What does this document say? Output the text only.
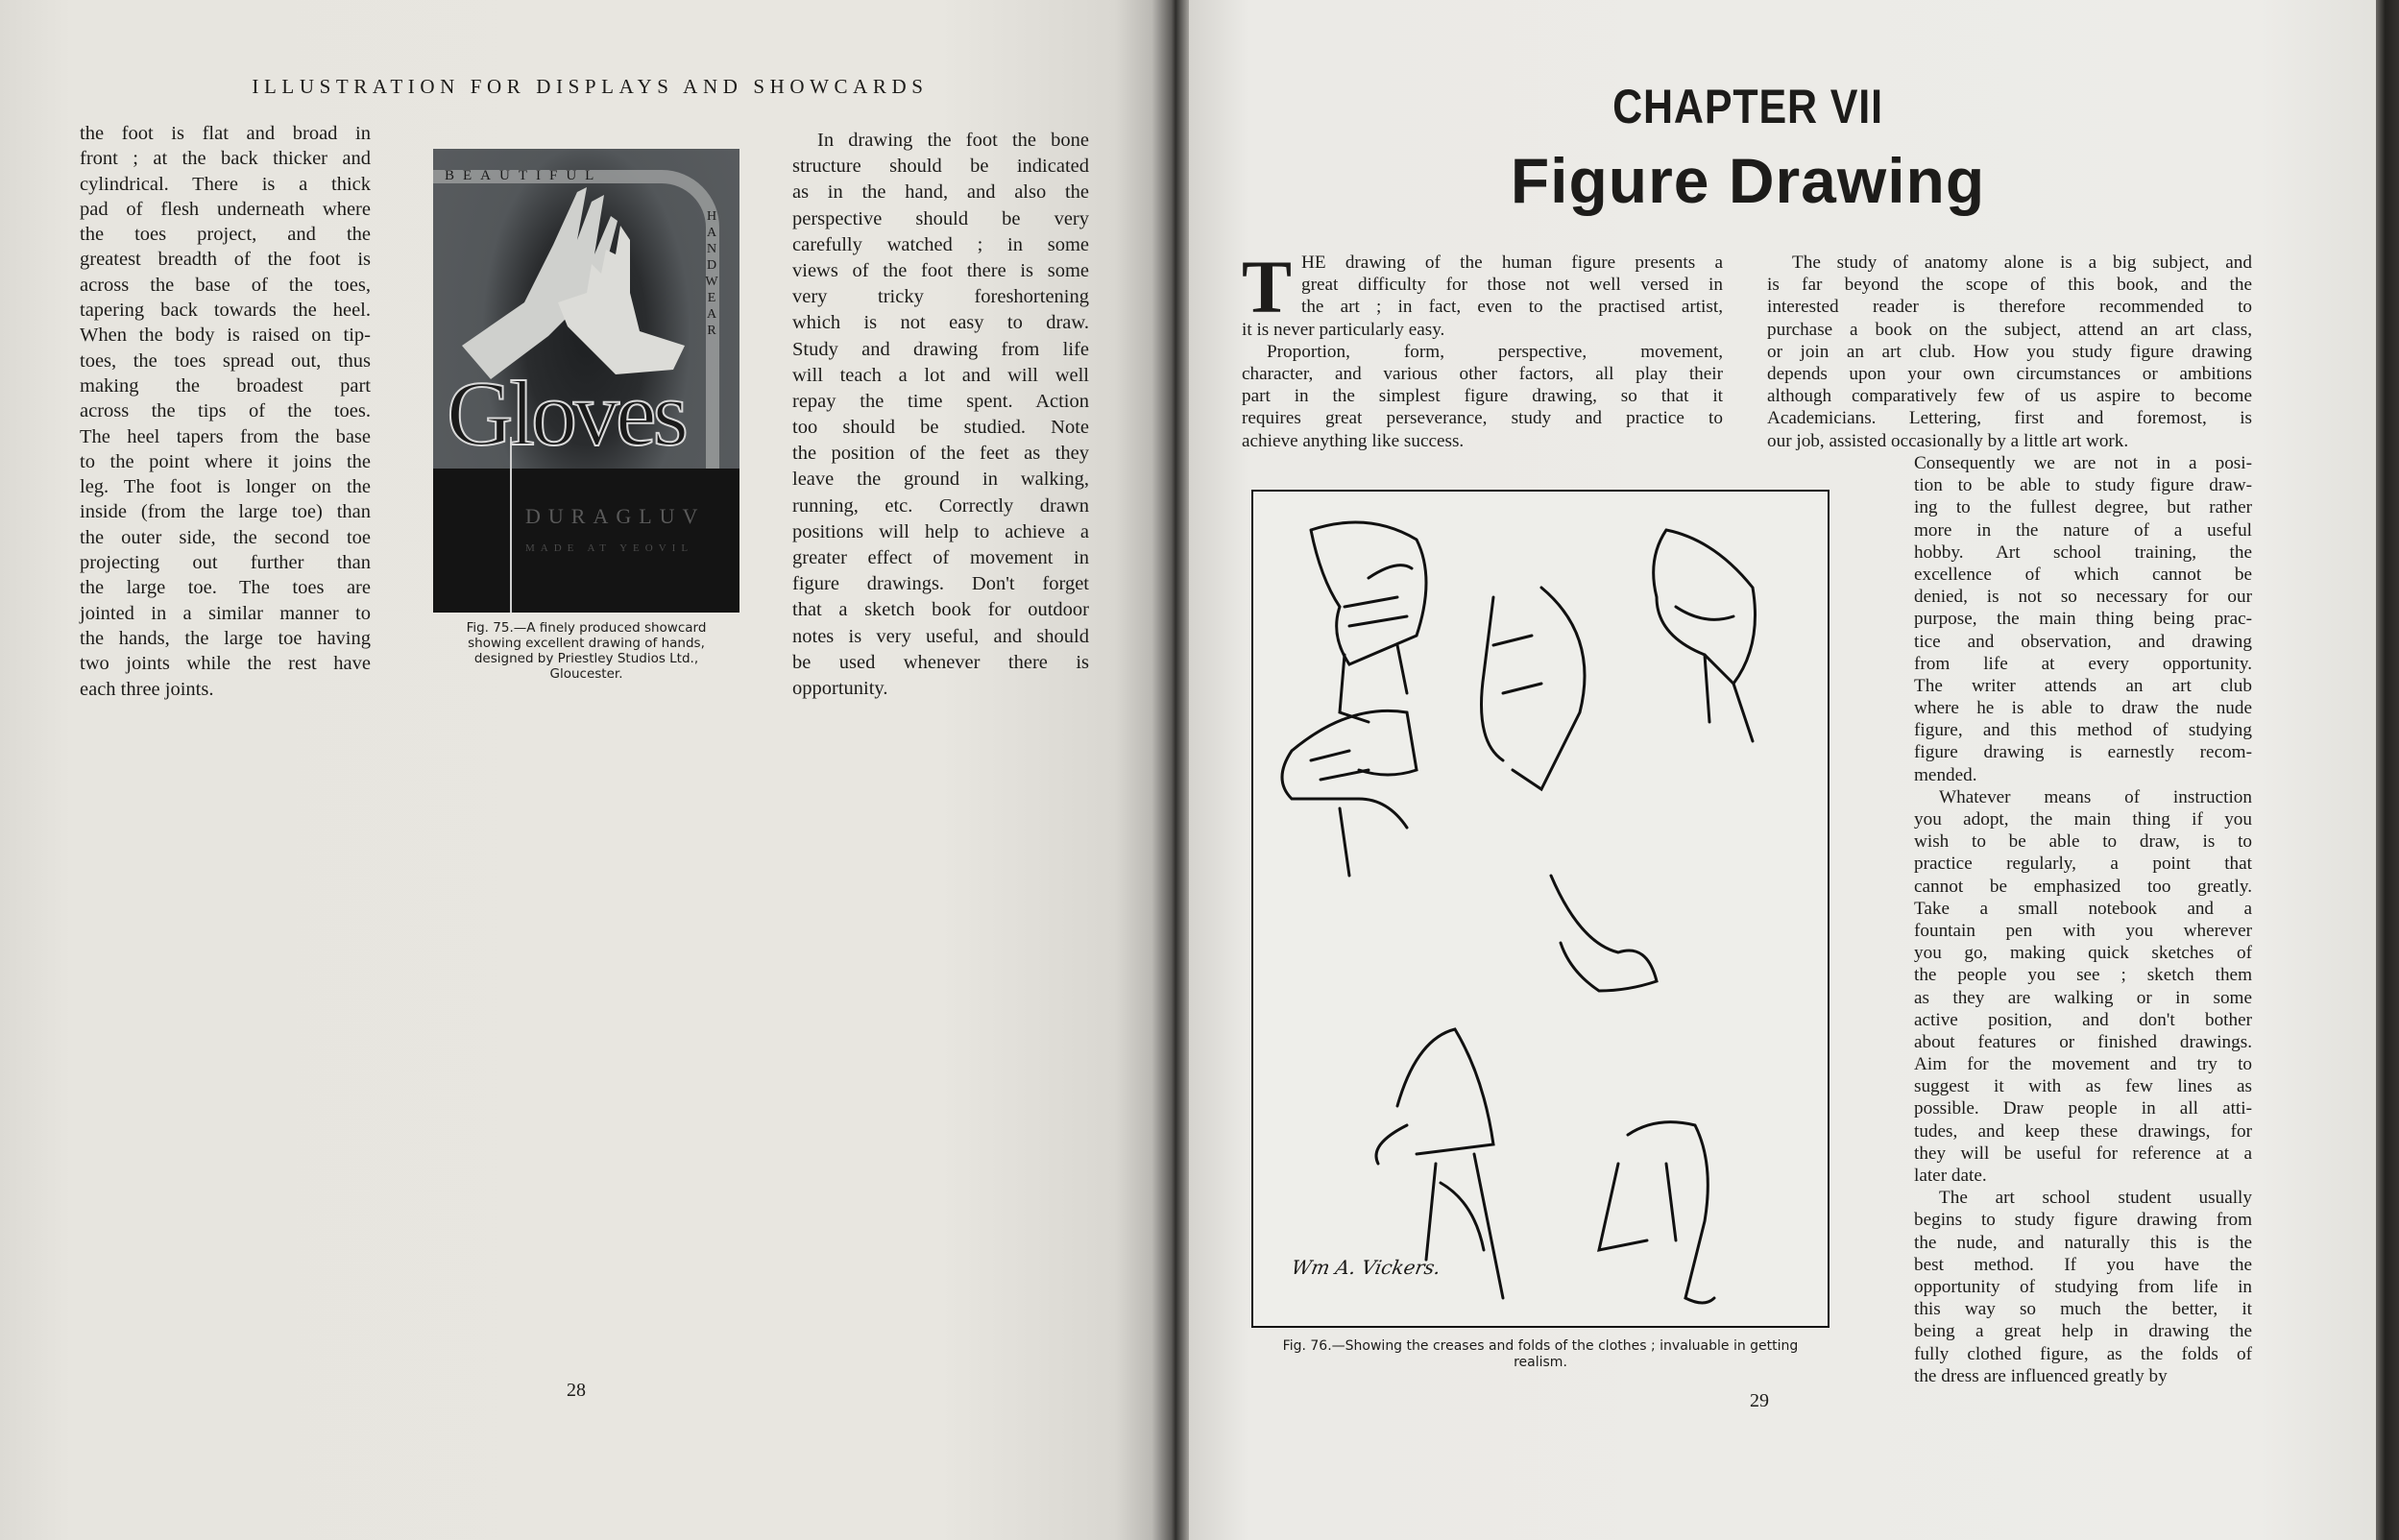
ILLUSTRATION FOR DISPLAYS AND SHOWCARDS
the foot is flat and broad in
front ; at the back thicker and
cylindrical. There is a thick
pad of flesh underneath where
the toes project, and the
greatest breadth of the foot is
across the base of the toes,
tapering back towards the heel.
When the body is raised on tip-
toes, the toes spread out, thus
making the broadest part
across the tips of the toes.
The heel tapers from the base
to the point where it joins the
leg. The foot is longer on the
inside (from the large toe) than
the outer side, the second toe
projecting out further than
the large toe. The toes are
jointed in a similar manner to
the hands, the large toe having
two joints while the rest have
each three joints.
In drawing the foot the bone
structure should be indicated
as in the hand, and also the
perspective should be very
carefully watched ; in some
views of the foot there is some
very tricky foreshortening
which is not easy to draw.
Study and drawing from life
will teach a lot and will well
repay the time spent. Action
too should be studied. Note
the position of the feet as they
leave the ground in walking,
running, etc. Correctly drawn
positions will help to achieve a
greater effect of movement in
figure drawings. Don't forget
that a sketch book for outdoor
notes is very useful, and should
be used whenever there is
opportunity.
BEAUTIFUL
HANDWEAR
Gloves
DURAGLUV
MADE AT YEOVIL
Fig. 75.—A finely produced showcard
showing excellent drawing of hands,
designed by Priestley Studios Ltd.,
Gloucester.
28
CHAPTER VII
Figure Drawing
T HE drawing of the human figure presents a
great difficulty for those not well versed in
the art ; in fact, even to the practised artist,
it is never particularly easy.
Proportion, form, perspective, movement,
character, and various other factors, all play their
part in the simplest figure drawing, so that it
requires great perseverance, study and practice to
achieve anything like success.
The study of anatomy alone is a big subject, and
is far beyond the scope of this book, and the
interested reader is therefore recommended to
purchase a book on the subject, attend an art class,
or join an art club. How you study figure drawing
depends upon your own circumstances or ambitions
although comparatively few of us aspire to become
Academicians. Lettering, first and foremost, is
our job, assisted occasionally by a little art work.
Consequently we are not in a posi-
tion to be able to study figure draw-
ing to the fullest degree, but rather
more in the nature of a useful
hobby. Art school training, the
excellence of which cannot be
denied, is not so necessary for our
purpose, the main thing being prac-
tice and observation, and drawing
from life at every opportunity.
The writer attends an art club
where he is able to draw the nude
figure, and this method of studying
figure drawing is earnestly recom-
mended.
Whatever means of instruction
you adopt, the main thing if you
wish to be able to draw, is to
practice regularly, a point that
cannot be emphasized too greatly.
Take a small notebook and a
fountain pen with you wherever
you go, making quick sketches of
the people you see ; sketch them
as they are walking or in some
active position, and don't bother
about features or finished drawings.
Aim for the movement and try to
suggest it with as few lines as
possible. Draw people in all atti-
tudes, and keep these drawings, for
they will be useful for reference at a
later date.
The art school student usually
begins to study figure drawing from
the nude, and naturally this is the
best method. If you have the
opportunity of studying from life in
this way so much the better, it
being a great help in drawing the
fully clothed figure, as the folds of
the dress are influenced greatly by
Wm A. Vickers.
Fig. 76.—Showing the creases and folds of the clothes ; invaluable in getting
realism.
29
